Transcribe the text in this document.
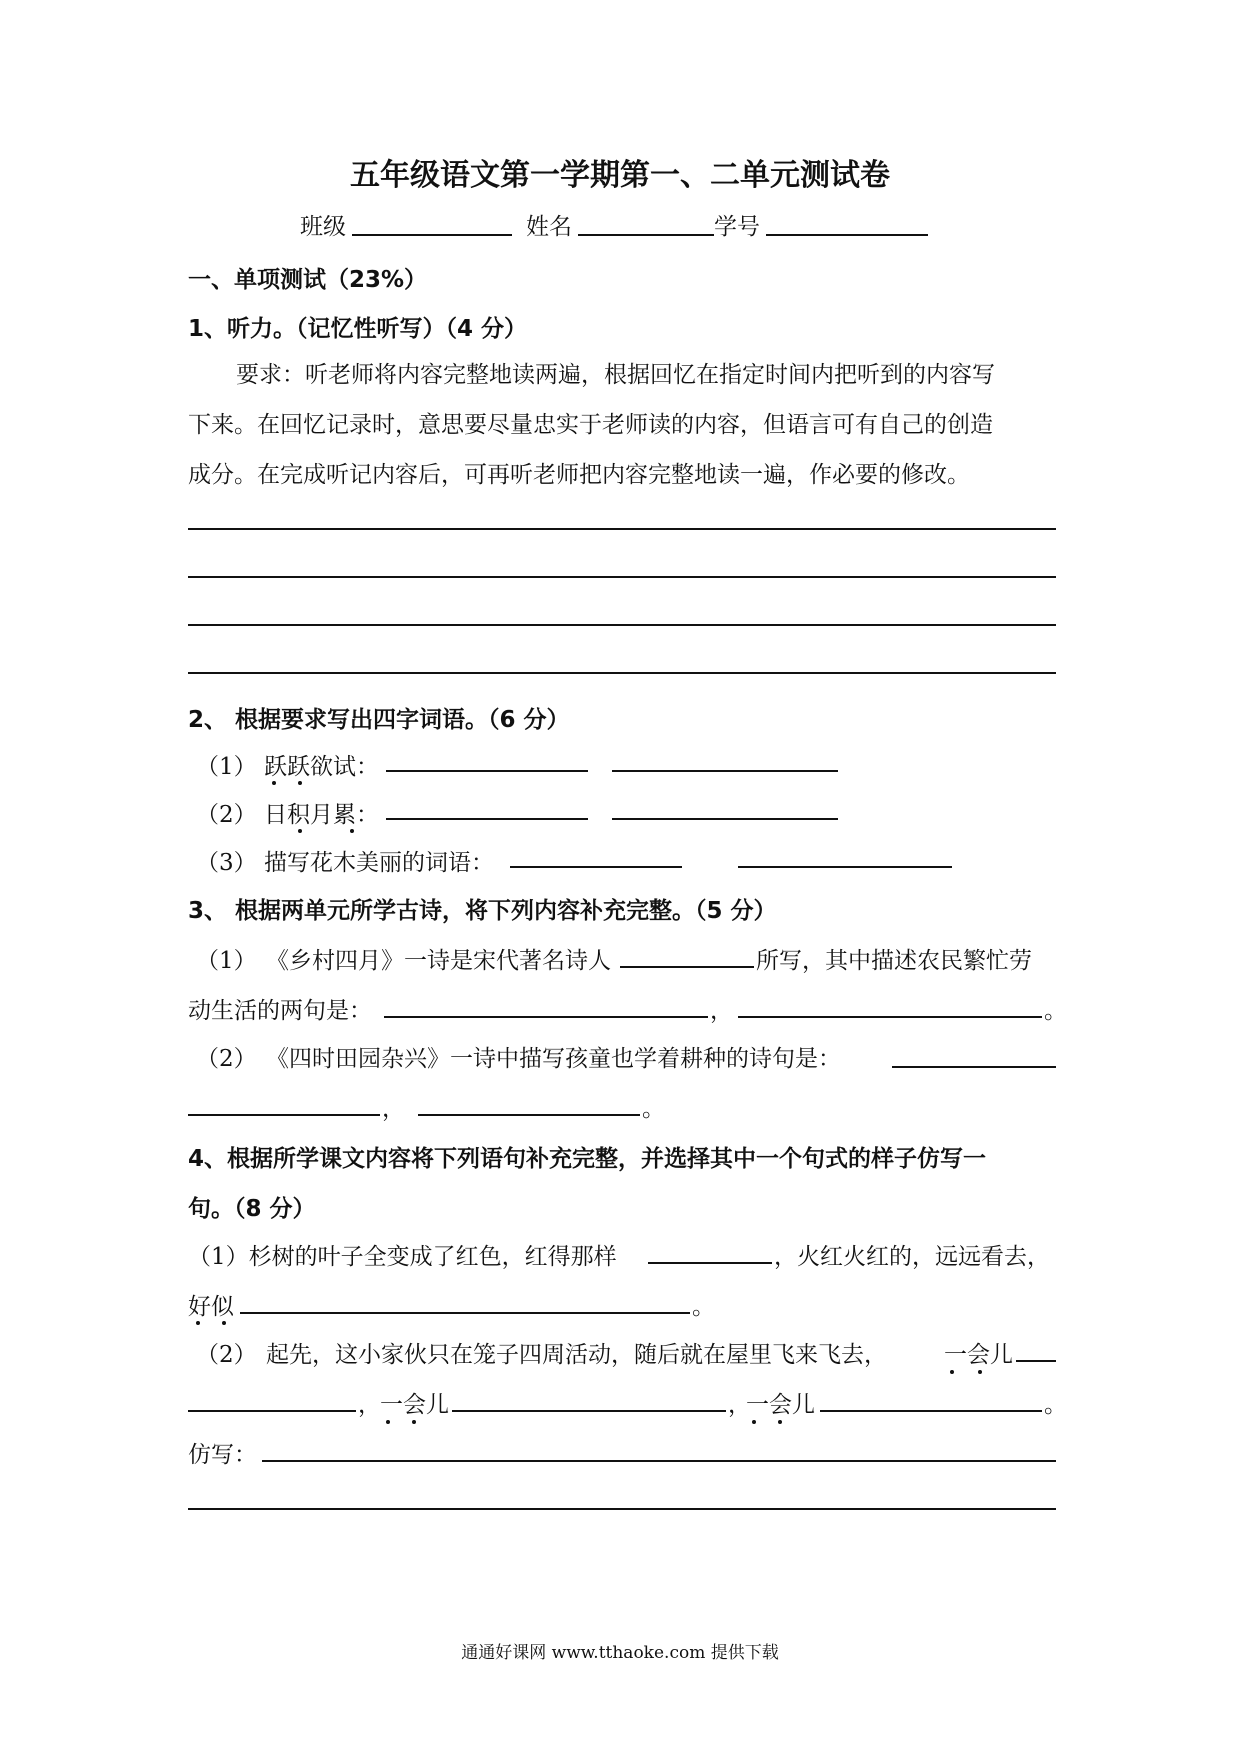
五年级语文第一学期第一、二单元测试卷
班级	姓名	学号
一、单项测试（23%）
1、听力。（记忆性听写）（4 分）
要求：听老师将内容完整地读两遍，根据回忆在指定时间内把听到的内容写
下来。在回忆记录时，意思要尽量忠实于老师读的内容，但语言可有自己的创造
成分。在完成听记内容后，可再听老师把内容完整地读一遍，作必要的修改。
2、 根据要求写出四字词语。（6 分）
（1） 跃跃欲试：
（2） 日积月累：
（3） 描写花木美丽的词语：
3、 根据两单元所学古诗，将下列内容补充完整。（5 分）
（1） 《乡村四月》一诗是宋代著名诗人	所写，其中描述农民繁忙劳
动生活的两句是：	，	。
（2） 《四时田园杂兴》一诗中描写孩童也学着耕种的诗句是：
，	。
4、根据所学课文内容将下列语句补充完整，并选择其中一个句式的样子仿写一
句。（8 分）
（1）杉树的叶子全变成了红色，红得那样	，火红火红的，远远看去，
好似	。
（2） 起先，这小家伙只在笼子四周活动，随后就在屋里飞来飞去， 一会儿
， 一会儿	，
一会儿	。
仿写：
通通好课网 www.tthaoke.com 提供下载
